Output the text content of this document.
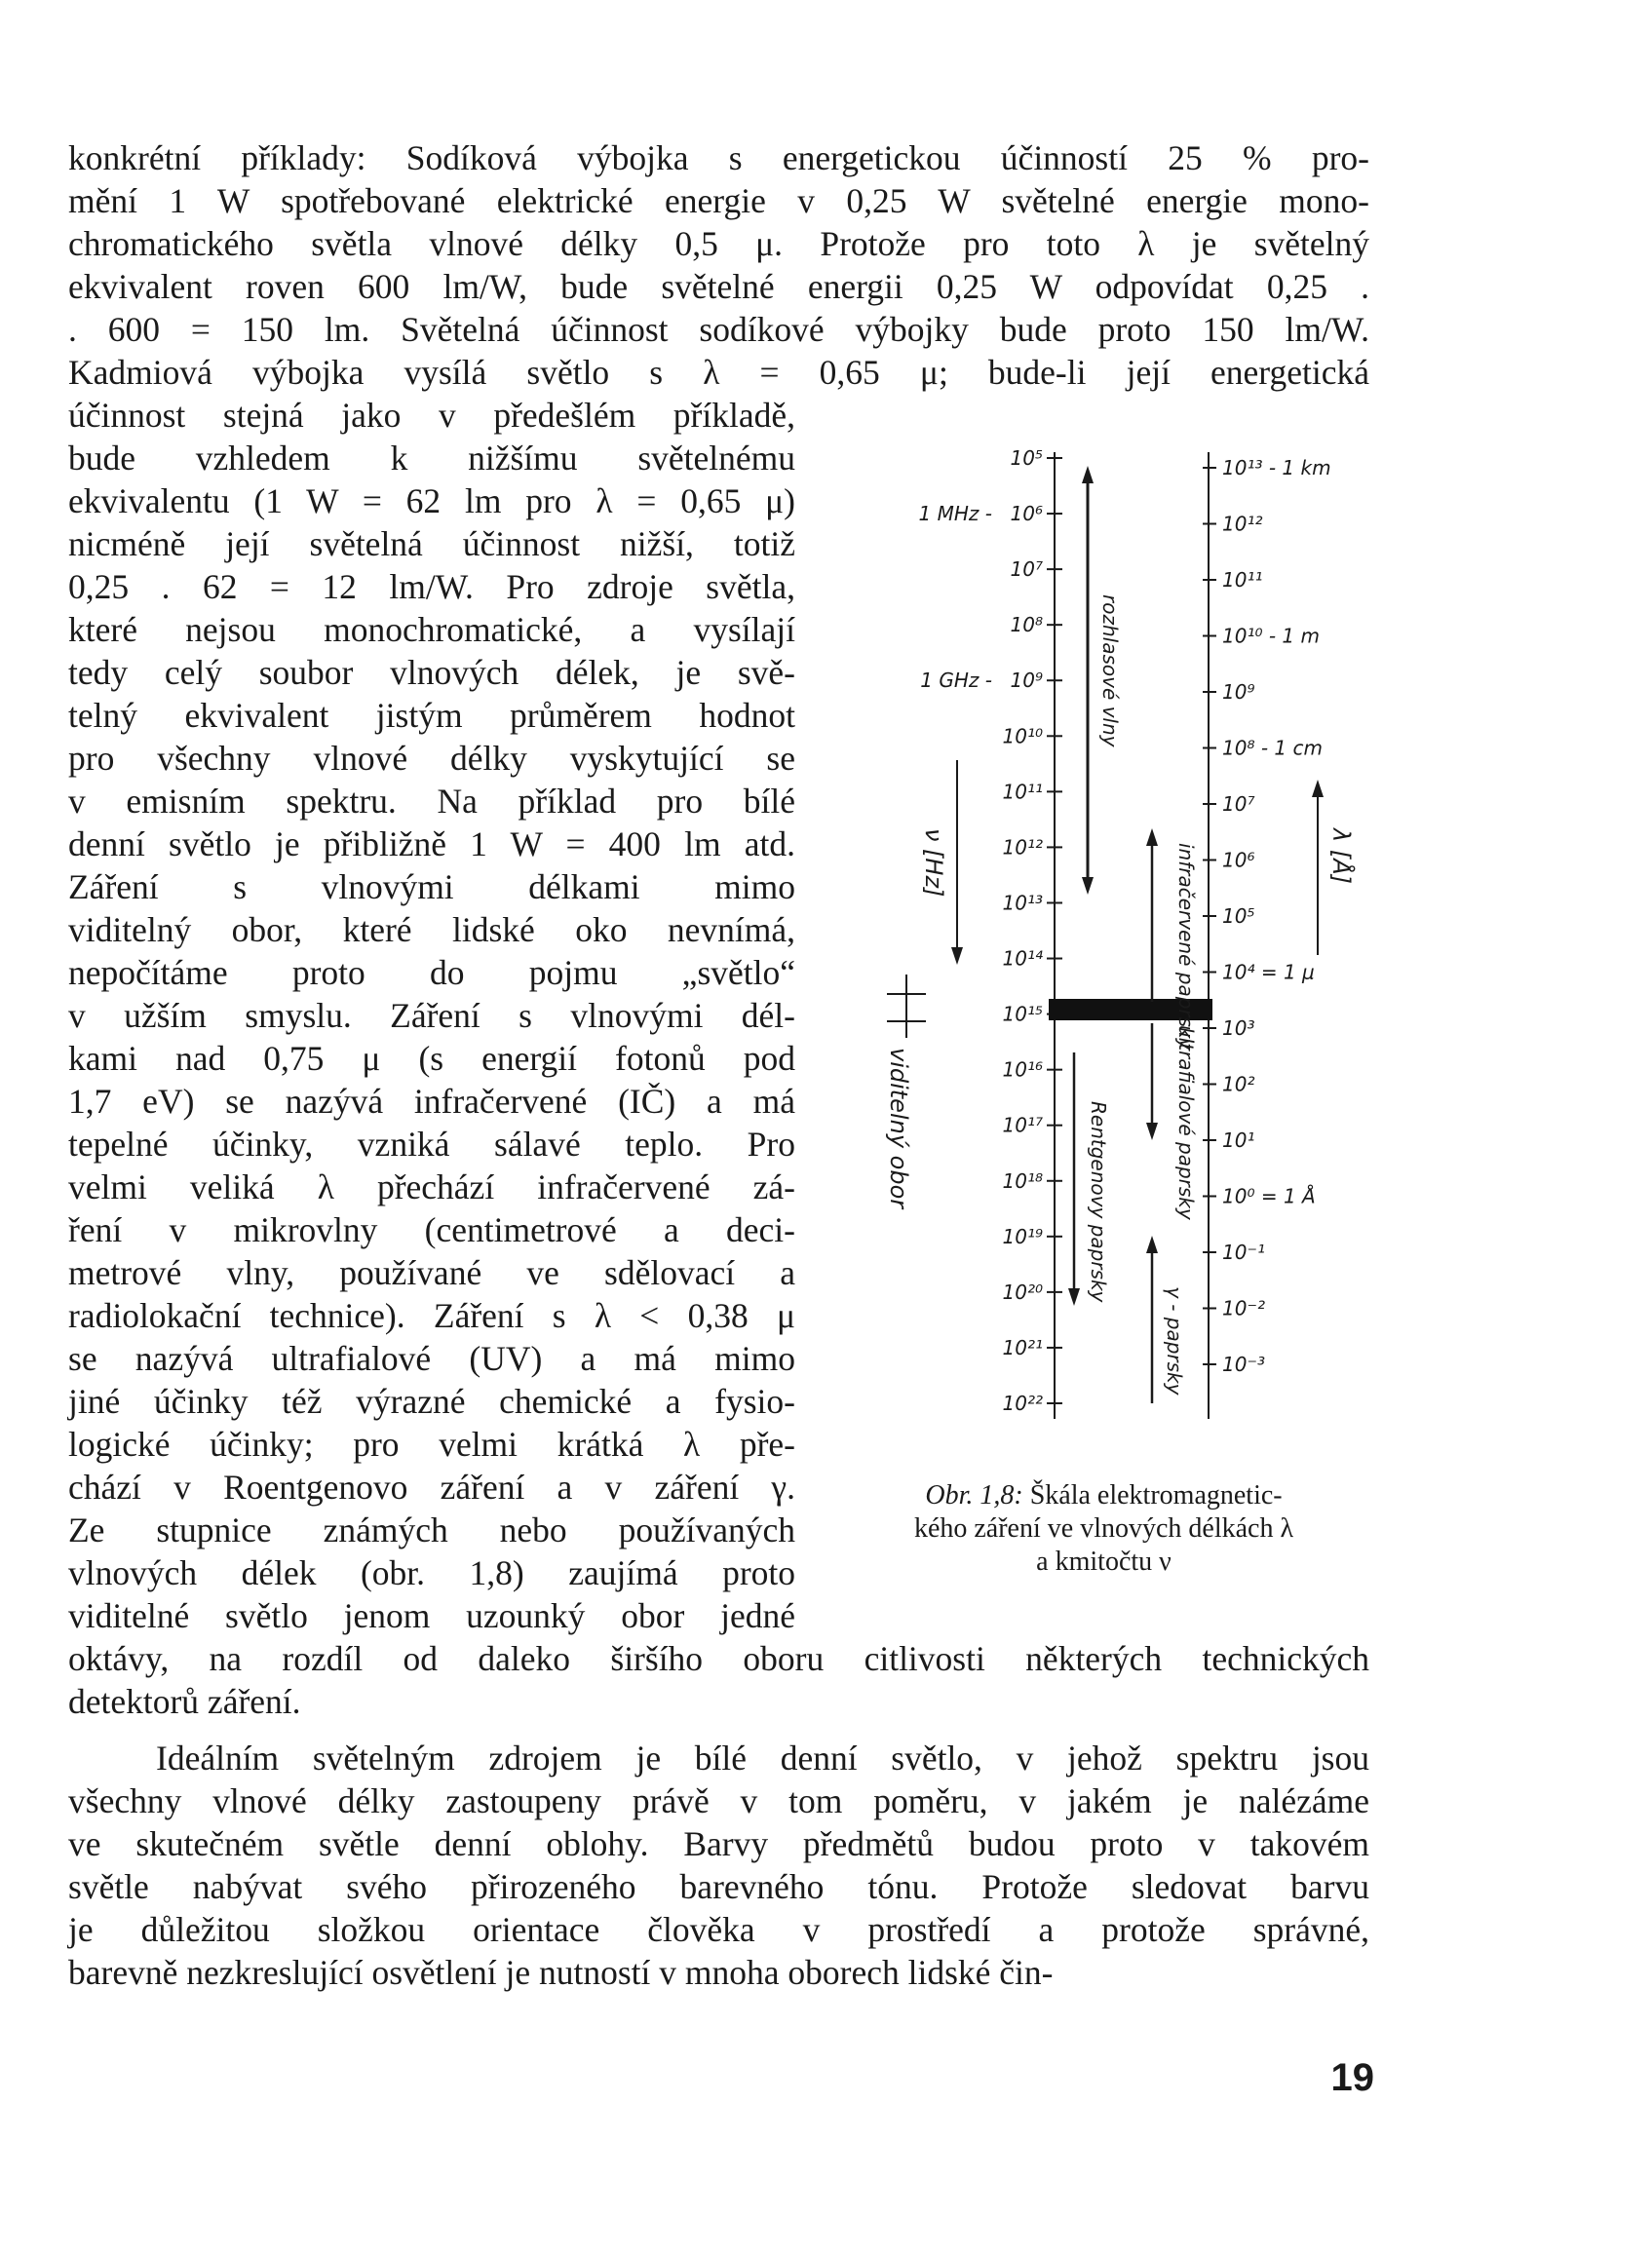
konkrétní příklady: Sodíková výbojka s energetickou účinností 25 % pro-
mění 1 W spotřebované elektrické energie v 0,25 W světelné energie mono-
chromatického světla vlnové délky 0,5 μ. Protože pro toto λ je světelný
ekvivalent roven 600 lm/W, bude světelné energii 0,25 W odpovídat 0,25 .
. 600 = 150 lm. Světelná účinnost sodíkové výbojky bude proto 150 lm/W.
Kadmiová výbojka vysílá světlo s λ = 0,65 μ; bude-li její energetická
účinnost stejná jako v předešlém příkladě,
bude vzhledem k nižšímu světelnému
ekvivalentu (1 W = 62 lm pro λ = 0,65 μ)
nicméně její světelná účinnost nižší, totiž
0,25 . 62 = 12 lm/W. Pro zdroje světla,
které nejsou monochromatické, a vysílají
tedy celý soubor vlnových délek, je svě-
telný ekvivalent jistým průměrem hodnot
pro všechny vlnové délky vyskytující se
v emisním spektru. Na příklad pro bílé
denní světlo je přibližně 1 W = 400 lm atd.
Záření s vlnovými délkami mimo
viditelný obor, které lidské oko nevnímá,
nepočítáme proto do pojmu „světlo“
v užším smyslu. Záření s vlnovými dél-
kami nad 0,75 μ (s energií fotonů pod
1,7 eV) se nazývá infračervené (IČ) a má
tepelné účinky, vzniká sálavé teplo. Pro
velmi veliká λ přechází infračervené zá-
ření v mikrovlny (centimetrové a deci-
metrové vlny, používané ve sdělovací a
radiolokační technice). Záření s λ < 0,38 μ
se nazývá ultrafialové (UV) a má mimo
jiné účinky též výrazné chemické a fysio-
logické účinky; pro velmi krátká λ pře-
chází v Roentgenovo záření a v záření γ.
Ze stupnice známých nebo používaných
vlnových délek (obr. 1,8) zaujímá proto
viditelné světlo jenom uzounký obor jedné
oktávy, na rozdíl od daleko širšího oboru citlivosti některých technických
detektorů záření.
Ideálním světelným zdrojem je bílé denní světlo, v jehož spektru jsou
všechny vlnové délky zastoupeny právě v tom poměru, v jakém je nalézáme
ve skutečném světle denní oblohy. Barvy předmětů budou proto v takovém
světle nabývat svého přirozeného barevného tónu. Protože sledovat barvu
je důležitou složkou orientace člověka v prostředí a protože správné,
barevně nezkreslující osvětlení je nutností v mnoha oborech lidské čin-
10⁵
10⁶
10⁷
10⁸
10⁹
10¹⁰
10¹¹
10¹²
10¹³
10¹⁴
10¹⁵
10¹⁶
10¹⁷
10¹⁸
10¹⁹
10²⁰
10²¹
10²²
1 MHz -
1 GHz -
10¹³ - 1 km
10¹²
10¹¹
10¹⁰ - 1 m
10⁹
10⁸ - 1 cm
10⁷
10⁶
10⁵
10⁴ = 1 μ
10³
10²
10¹
10⁰ = 1 Å
10⁻¹
10⁻²
10⁻³
rozhlasové vlny
infračervené paprsky
ultrafialové paprsky
Rentgenovy paprsky
γ - paprsky
ν [Hz]	λ [Å]
viditelný obor
Obr. 1,8: Škála elektromagnetic-
kého záření ve vlnových délkách λ
a kmitočtu ν
19
